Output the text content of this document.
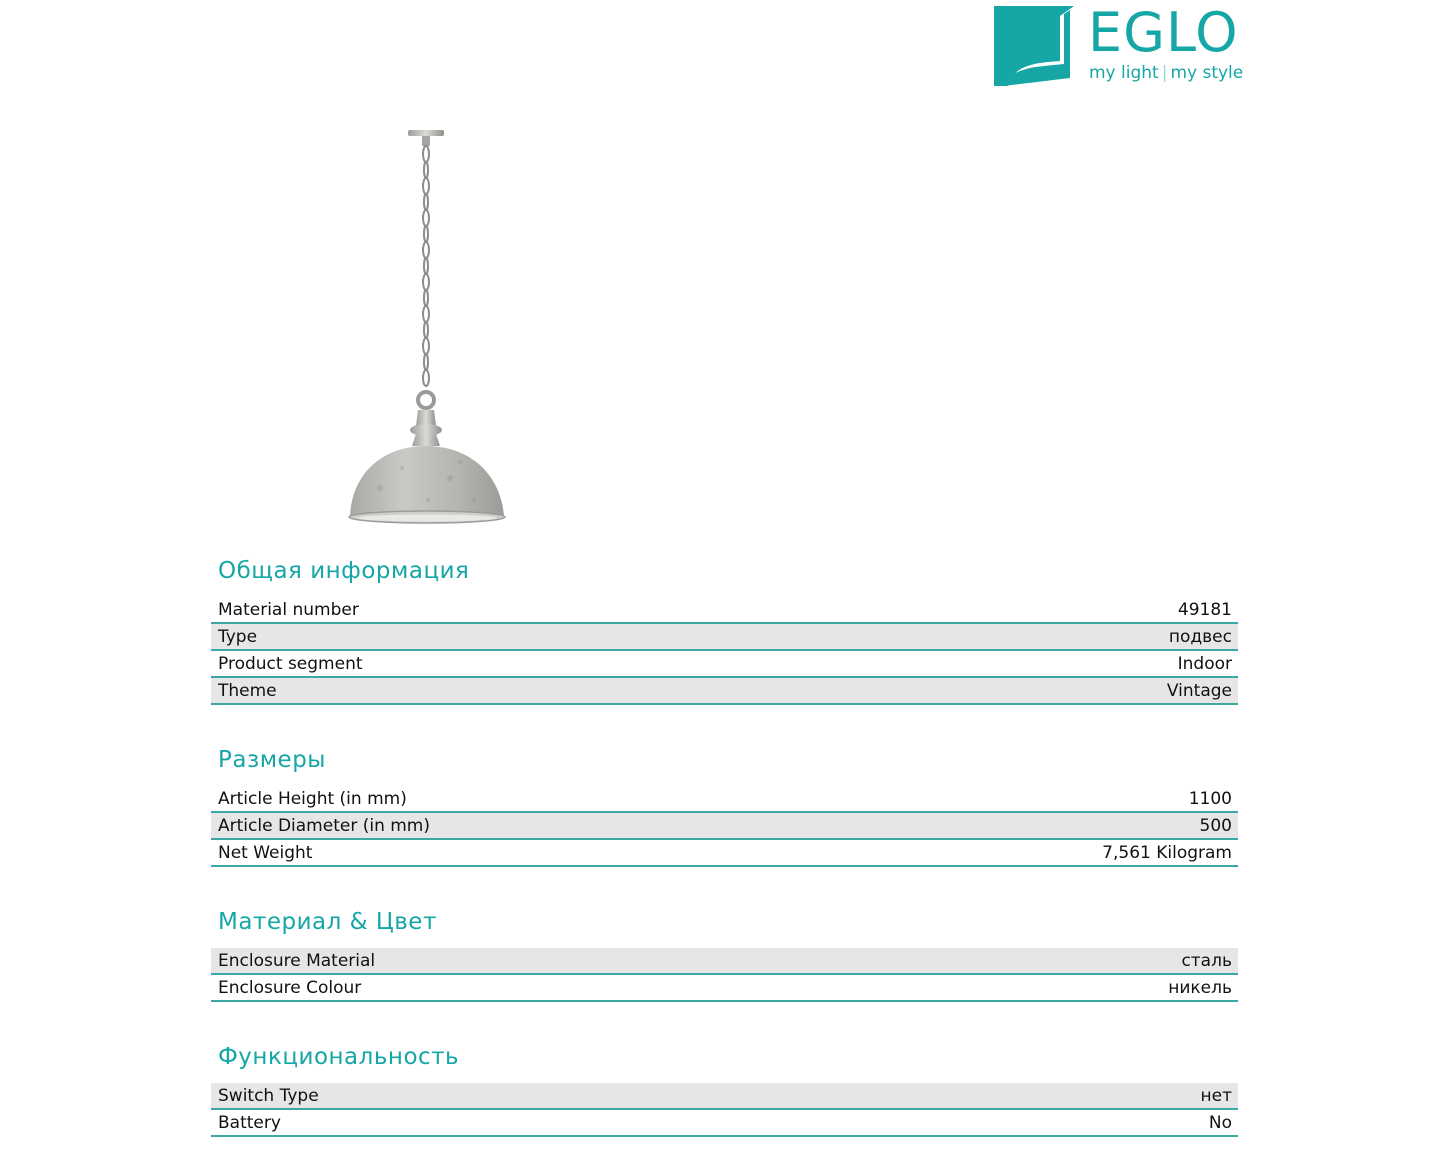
EGLO
my light | my style
Общая информация
Material number	49181
Type	подвес
Product segment	Indoor
Theme	Vintage
Размеры
Article Height (in mm)	1100
Article Diameter (in mm)	500
Net Weight	7,561 Kilogram
Материал & Цвет
Enclosure Material	сталь
Enclosure Colour	никель
Функциональность
Switch Type	нет
Battery	No
